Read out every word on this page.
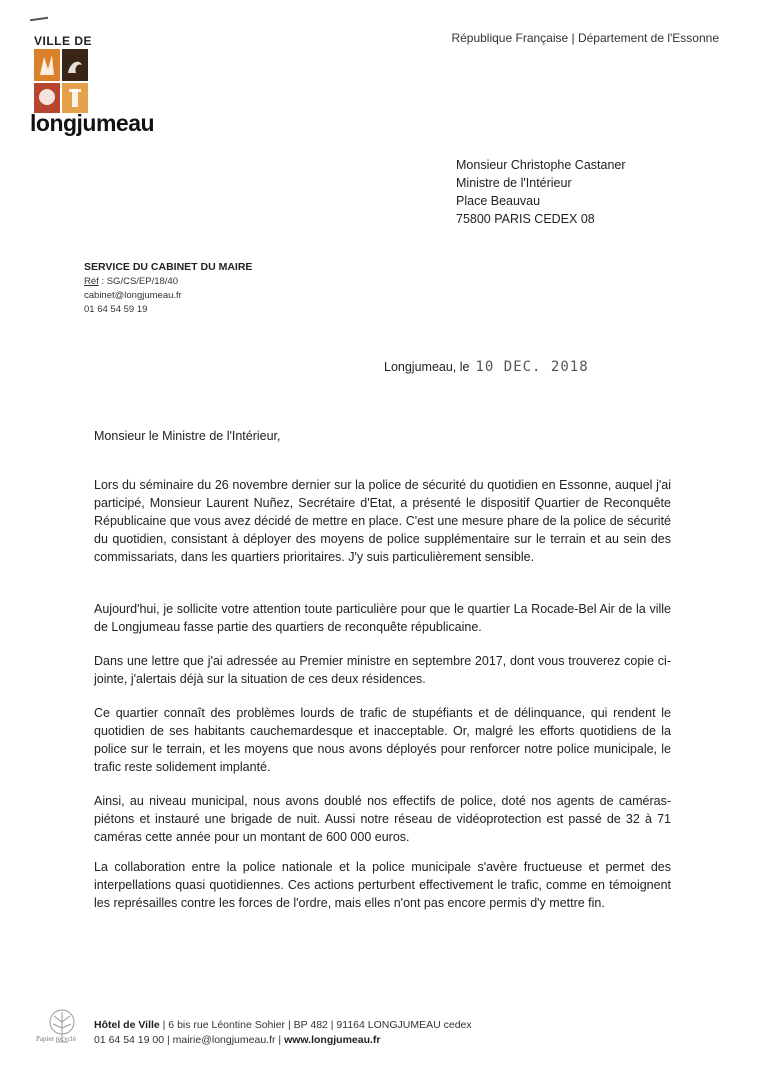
VILLE DE
longjumeau
République Française | Département de l'Essonne
Monsieur Christophe Castaner
Ministre de l'Intérieur
Place Beauvau
75800 PARIS CEDEX 08
SERVICE DU CABINET DU MAIRE
Réf : SG/CS/EP/18/40
cabinet@longjumeau.fr
01 64 54 59 19
Longjumeau, le 10 DEC. 2018
Monsieur le Ministre de l'Intérieur,

Lors du séminaire du 26 novembre dernier sur la police de sécurité du quotidien en Essonne, auquel j'ai participé, Monsieur Laurent Nuñez, Secrétaire d'Etat, a présenté le dispositif Quartier de Reconquête Républicaine que vous avez décidé de mettre en place. C'est une mesure phare de la police de sécurité du quotidien, consistant à déployer des moyens de police supplémentaire sur le terrain et au sein des commissariats, dans les quartiers prioritaires. J'y suis particulièrement sensible.

Aujourd'hui, je sollicite votre attention toute particulière pour que le quartier La Rocade-Bel Air de la ville de Longjumeau fasse partie des quartiers de reconquête républicaine.

Dans une lettre que j'ai adressée au Premier ministre en septembre 2017, dont vous trouverez copie ci-jointe, j'alertais déjà sur la situation de ces deux résidences.

Ce quartier connaît des problèmes lourds de trafic de stupéfiants et de délinquance, qui rendent le quotidien de ses habitants cauchemardesque et inacceptable. Or, malgré les efforts quotidiens de la police sur le terrain, et les moyens que nous avons déployés pour renforcer notre police municipale, le trafic reste solidement implanté.

Ainsi, au niveau municipal, nous avons doublé nos effectifs de police, doté nos agents de caméras-piétons et instauré une brigade de nuit. Aussi notre réseau de vidéoprotection est passé de 32 à 71 caméras cette année pour un montant de 600 000 euros.

La collaboration entre la police nationale et la police municipale s'avère fructueuse et permet des interpellations quasi quotidiennes. Ces actions perturbent effectivement le trafic, comme en témoignent les représailles contre les forces de l'ordre, mais elles n'ont pas encore permis d'y mettre fin.

Papier recyclé
Hôtel de Ville | 6 bis rue Léontine Sohier | BP 482 | 91164 LONGJUMEAU cedex
01 64 54 19 00 | mairie@longjumeau.fr | www.longjumeau.fr
